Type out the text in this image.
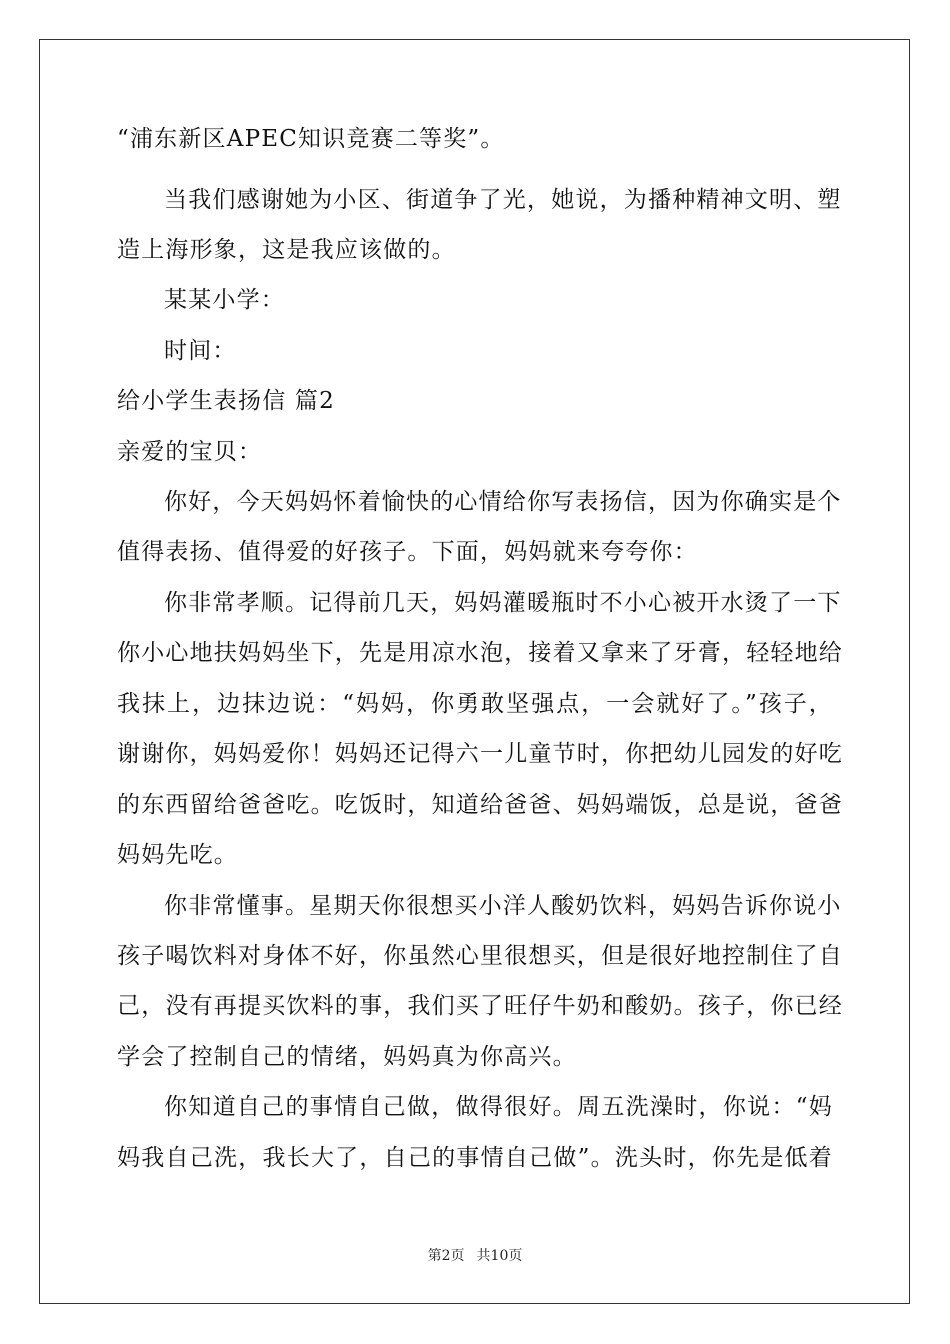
“浦东新区APEC知识竞赛二等奖”。
当我们感谢她为小区、街道争了光，她说，为播种精神文明、塑
造上海形象，这是我应该做的。
某某小学：
时间：
给小学生表扬信 篇2
亲爱的宝贝：
你好，今天妈妈怀着愉快的心情给你写表扬信，因为你确实是个
值得表扬、值得爱的好孩子。下面，妈妈就来夸夸你：
你非常孝顺。记得前几天，妈妈灌暖瓶时不小心被开水烫了一下
你小心地扶妈妈坐下，先是用凉水泡，接着又拿来了牙膏，轻轻地给
我抹上，边抹边说：“妈妈，你勇敢坚强点，一会就好了。”孩子，
谢谢你，妈妈爱你！妈妈还记得六一儿童节时，你把幼儿园发的好吃
的东西留给爸爸吃。吃饭时，知道给爸爸、妈妈端饭，总是说，爸爸
妈妈先吃。
你非常懂事。星期天你很想买小洋人酸奶饮料，妈妈告诉你说小
孩子喝饮料对身体不好，你虽然心里很想买，但是很好地控制住了自
己，没有再提买饮料的事，我们买了旺仔牛奶和酸奶。孩子，你已经
学会了控制自己的情绪，妈妈真为你高兴。
你知道自己的事情自己做，做得很好。周五洗澡时，你说：“妈
妈我自己洗，我长大了，自己的事情自己做”。洗头时，你先是低着
第2页 共10页
